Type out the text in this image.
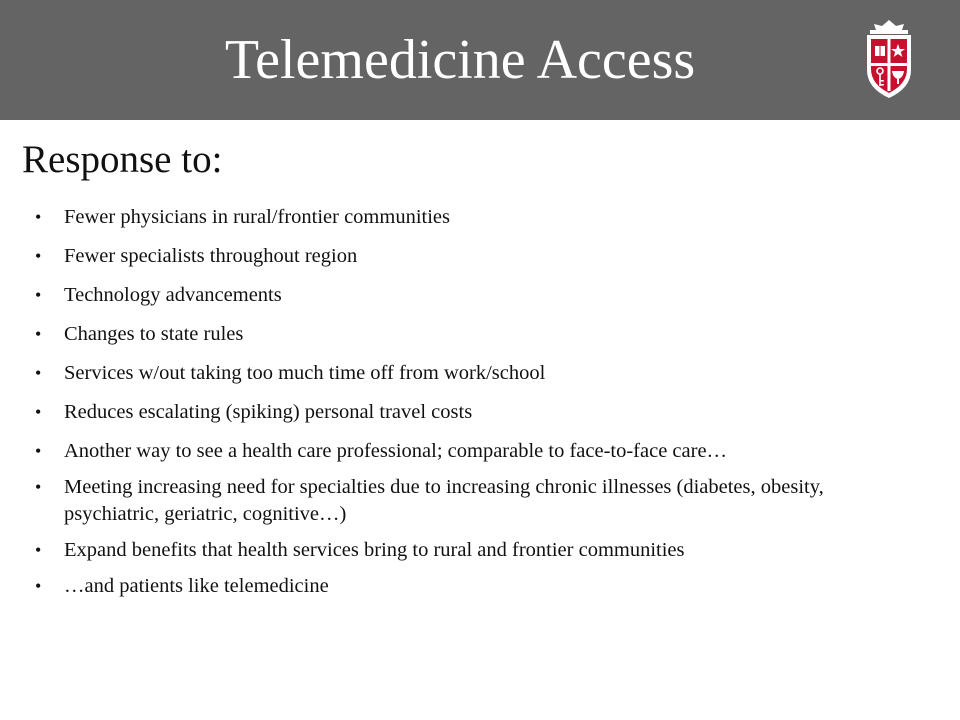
Telemedicine Access
Response to:
• Fewer physicians in rural/frontier communities
• Fewer specialists throughout region
• Technology advancements
• Changes to state rules
• Services w/out taking too much time off from work/school
• Reduces escalating (spiking) personal travel costs
• Another way to see a health care professional; comparable to face-to-face care…
• Meeting increasing need for specialties due to increasing chronic illnesses (diabetes, obesity, psychiatric, geriatric, cognitive…)
• Expand benefits that health services bring to rural and frontier communities
• …and patients like telemedicine
